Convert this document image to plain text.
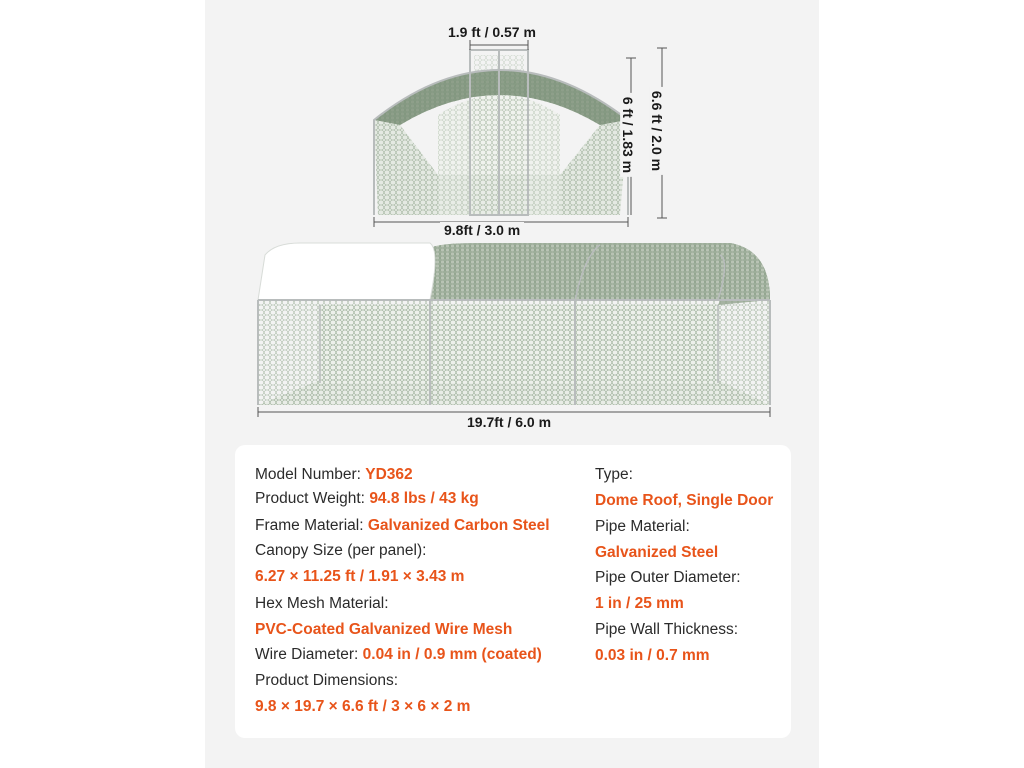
1.9 ft / 0.57 m
9.8ft / 3.0 m
19.7ft / 6.0 m
6 ft / 1.83 m 6.6 ft / 2.0 m
Model Number: YD362
Product Weight: 94.8 lbs / 43 kg
Frame Material: Galvanized Carbon Steel
Canopy Size (per panel):
6.27 × 11.25 ft / 1.91 × 3.43 m
Hex Mesh Material:
PVC-Coated Galvanized Wire Mesh
Wire Diameter: 0.04 in / 0.9 mm (coated)
Product Dimensions:
9.8 × 19.7 × 6.6 ft / 3 × 6 × 2 m
Type:
Dome Roof, Single Door
Pipe Material:
Galvanized Steel
Pipe Outer Diameter:
1 in / 25 mm
Pipe Wall Thickness:
0.03 in / 0.7 mm
